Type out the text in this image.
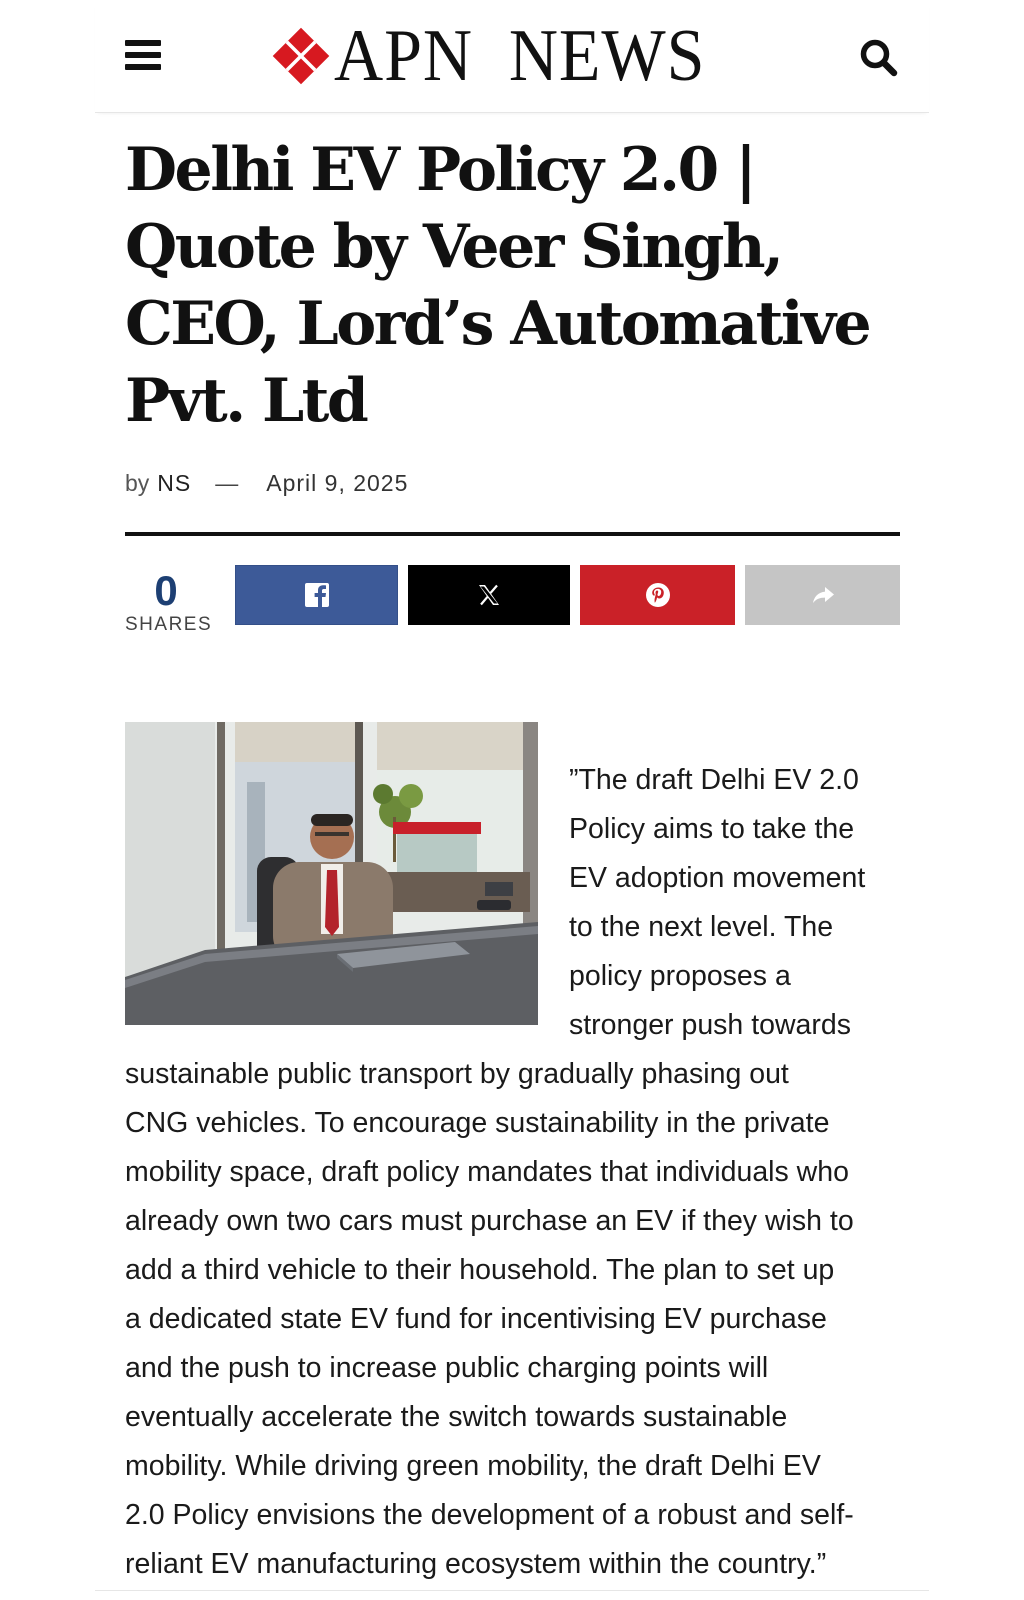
APN  NEWS
Delhi EV Policy 2.0 |
Quote by Veer Singh,
CEO, Lord’s Automative
Pvt. Ltd
by NS — April 9, 2025
0
SHARES
”The draft Delhi EV 2.0
Policy aims to take the
EV adoption movement
to the next level. The
policy proposes a
stronger push towards
sustainable public transport by gradually phasing out
CNG vehicles. To encourage sustainability in the private
mobility space, draft policy mandates that individuals who
already own two cars must purchase an EV if they wish to
add a third vehicle to their household. The plan to set up
a dedicated state EV fund for incentivising EV purchase
and the push to increase public charging points will
eventually accelerate the switch towards sustainable
mobility. While driving green mobility, the draft Delhi EV
2.0 Policy envisions the development of a robust and self-
reliant EV manufacturing ecosystem within the country.”
